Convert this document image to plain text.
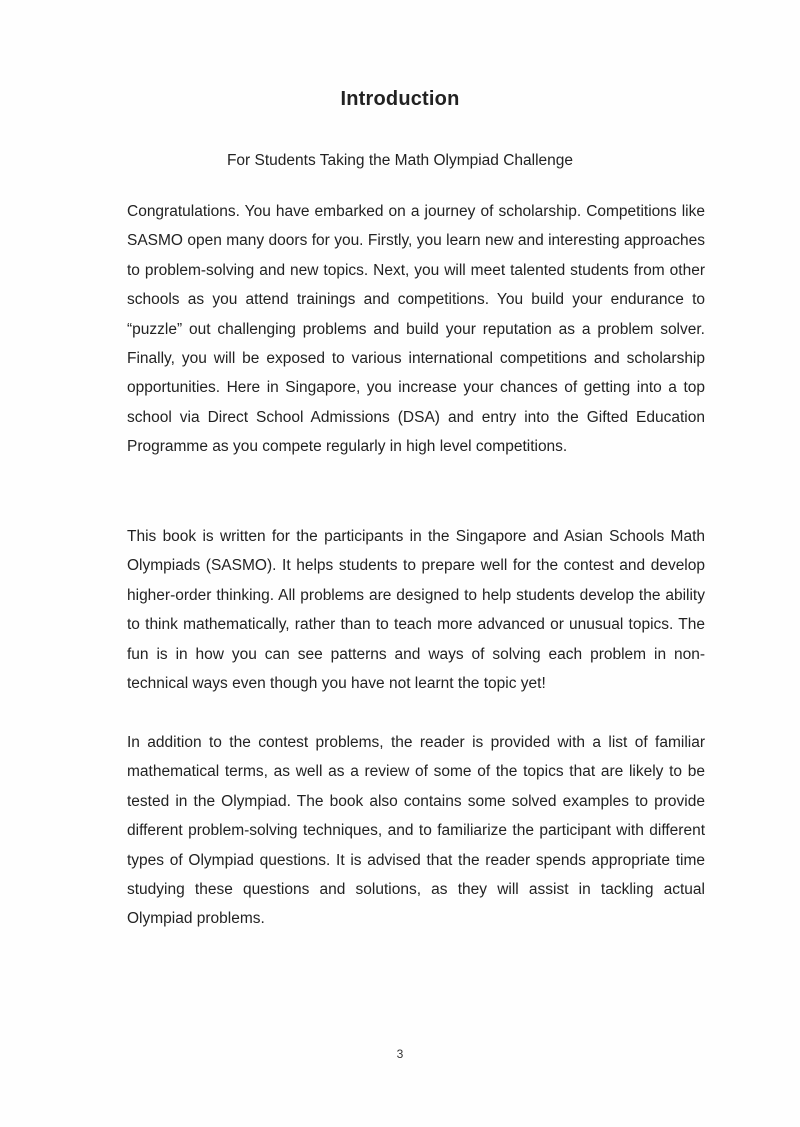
Introduction
For Students Taking the Math Olympiad Challenge

Congratulations. You have embarked on a journey of scholarship. Competitions like SASMO open many doors for you. Firstly, you learn new and interesting approaches to problem-solving and new topics. Next, you will meet talented students from other schools as you attend trainings and competitions. You build your endurance to “puzzle” out challenging problems and build your reputation as a problem solver. Finally, you will be exposed to various international competitions and scholarship opportunities. Here in Singapore, you increase your chances of getting into a top school via Direct School Admissions (DSA) and entry into the Gifted Education Programme as you compete regularly in high level competitions.

This book is written for the participants in the Singapore and Asian Schools Math Olympiads (SASMO). It helps students to prepare well for the contest and develop higher-order thinking. All problems are designed to help students develop the ability to think mathematically, rather than to teach more advanced or unusual topics. The fun is in how you can see patterns and ways of solving each problem in non-technical ways even though you have not learnt the topic yet!

In addition to the contest problems, the reader is provided with a list of familiar mathematical terms, as well as a review of some of the topics that are likely to be tested in the Olympiad. The book also contains some solved examples to provide different problem-solving techniques, and to familiarize the participant with different types of Olympiad questions. It is advised that the reader spends appropriate time studying these questions and solutions, as they will assist in tackling actual Olympiad problems.

3
